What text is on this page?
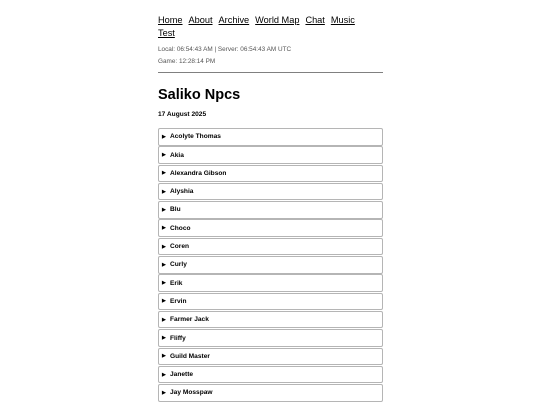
Home About Archive World Map Chat Music
Test
Local: 06:54:43 AM | Server: 06:54:43 AM UTC
Game: 12:28:14 PM
Saliko Npcs
17 August 2025
▶ Acolyte Thomas
▶ Akia
▶ Alexandra Gibson
▶ Alyshia
▶ Blu
▶ Choco
▶ Coren
▶ Curly
▶ Erik
▶ Ervin
▶ Farmer Jack
▶ Fliffy
▶ Guild Master
▶ Janette
▶ Jay Mosspaw
